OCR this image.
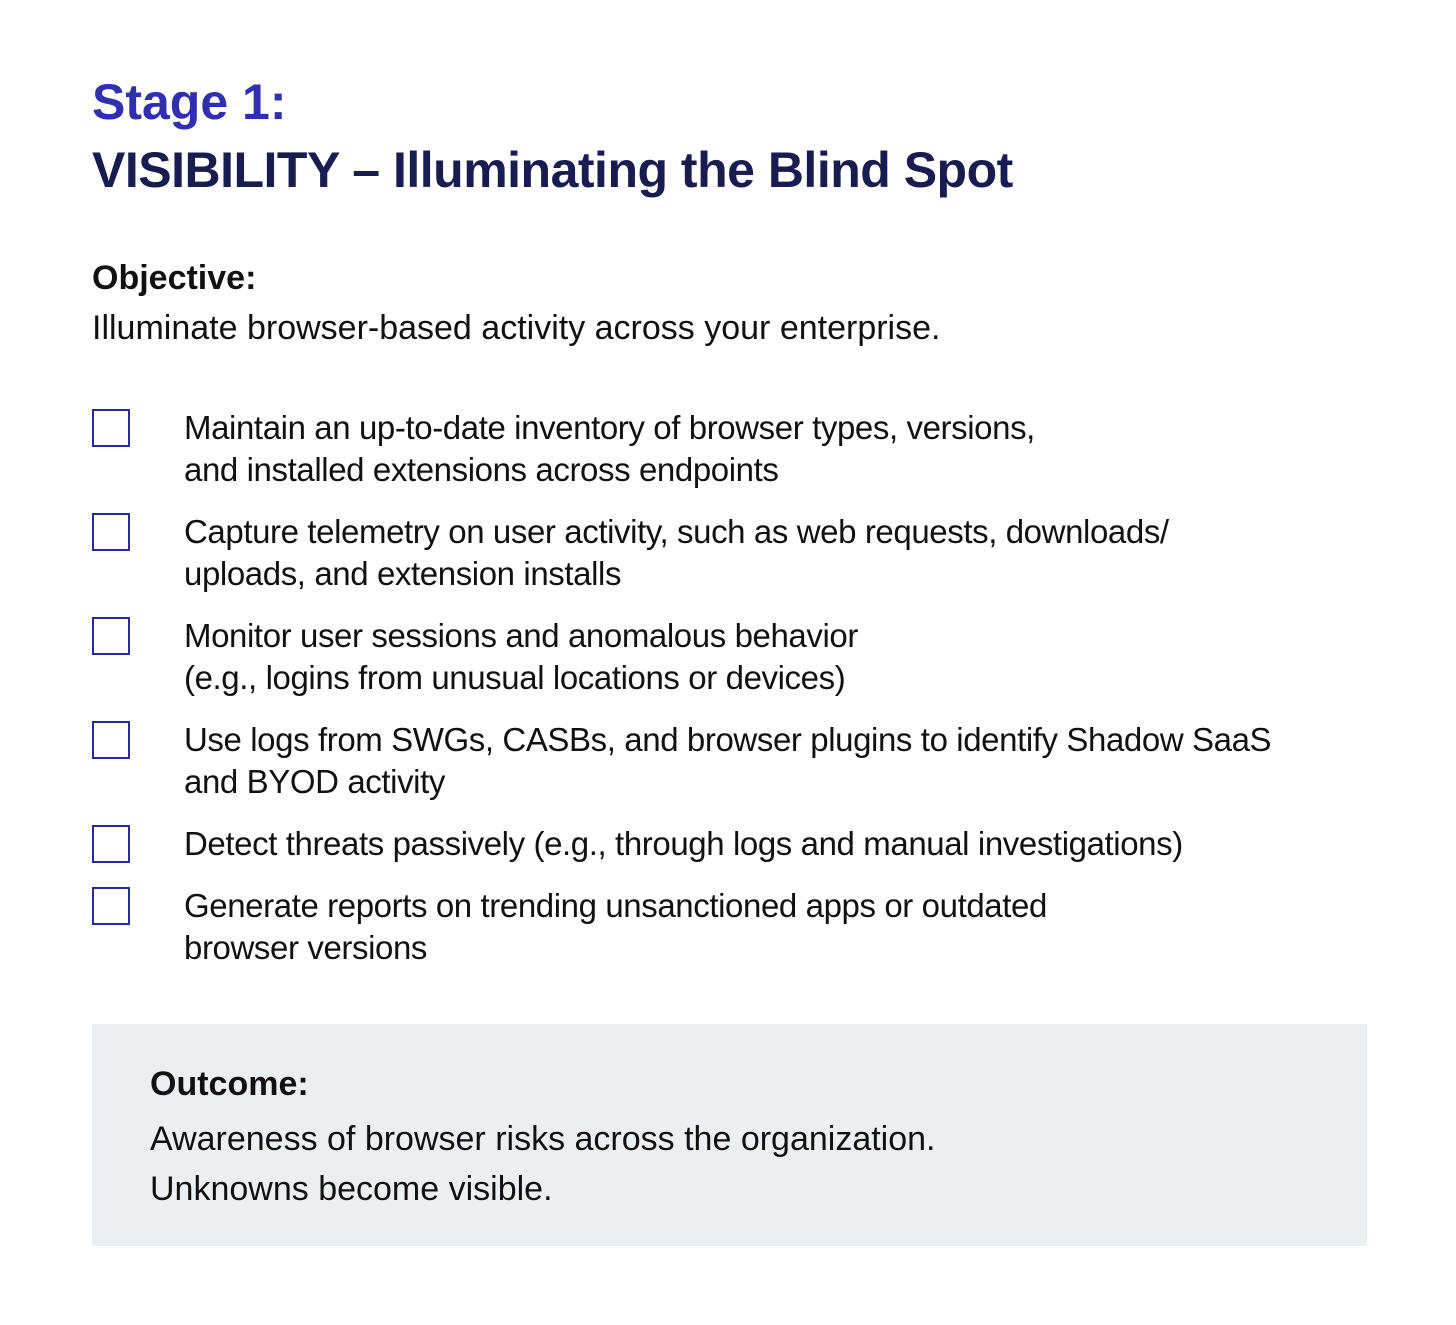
Stage 1:
VISIBILITY – Illuminating the Blind Spot
Objective:
Illuminate browser-based activity across your enterprise.
Maintain an up-to-date inventory of browser types, versions,
and installed extensions across endpoints
Capture telemetry on user activity, such as web requests, downloads/
uploads, and extension installs
Monitor user sessions and anomalous behavior
(e.g., logins from unusual locations or devices)
Use logs from SWGs, CASBs, and browser plugins to identify Shadow SaaS
and BYOD activity
Detect threats passively (e.g., through logs and manual investigations)
Generate reports on trending unsanctioned apps or outdated
browser versions
Outcome:
Awareness of browser risks across the organization.
Unknowns become visible.
